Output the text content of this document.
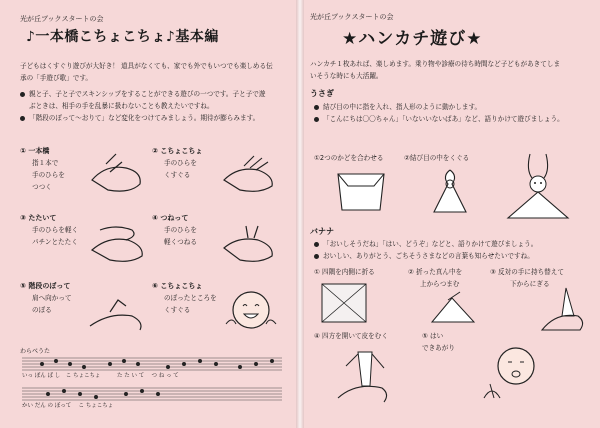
光が丘ブックスタートの会
♪一本橋こちょこちょ♪基本編
子どもはくすぐり遊びが大好き！ 道具がなくても、家でも外でもいつでも楽しめる伝
承の「手遊び歌」です。
親と子、子と子でスキンシップをすることができる遊びの一つです。子と子で遊
ぶときは、相手の手を乱暴に扱わないことも教えたいですね。
「階段のぼって～おりて」など変化をつけてみましょう。期待が膨らみます。
① 一本橋
指１本で
手のひらを
つつく
② こちょこちょ
手のひらを
くすぐる
③ たたいて
手のひらを軽く
パチンとたたく
④ つねって
手のひらを
軽くつねる
⑤ 階段のぼって
肩へ向かって
のぼる
⑥ こちょこちょ
のぼったところを
くすぐる
わらべうた
いっ ぽん ば し　こ ちょこちょ　　　た た い て 　つ ね っ て
かい だん の ぼって 　こ ちょこちょ
光が丘ブックスタートの会
★ハンカチ遊び★
ハンカチ１枚あれば、楽しめます。乗り物や診療の待ち時間など子どもがあきてしま
いそうな時にも大活躍。
うさぎ
結び目の中に指を入れ、指人形のように動かします。
「こんにちは〇〇ちゃん」「いないいないばあ」など、語りかけて遊びましょう。
①2つのかどを合わせる	②結び目の中をくぐる
バナナ
「おいしそうだね」「はい、どうぞ」などと、語りかけて遊びましょう。
おいしい、ありがとう、ごちそうさまなどの言葉も知らせたいですね。
① 四隅を内側に折る	② 折った真ん中を
上からつまむ
③ 反対の手に持ち替えて
下からにぎる
④ 四方を開いて皮をむく	⑤ はい
できあがり
